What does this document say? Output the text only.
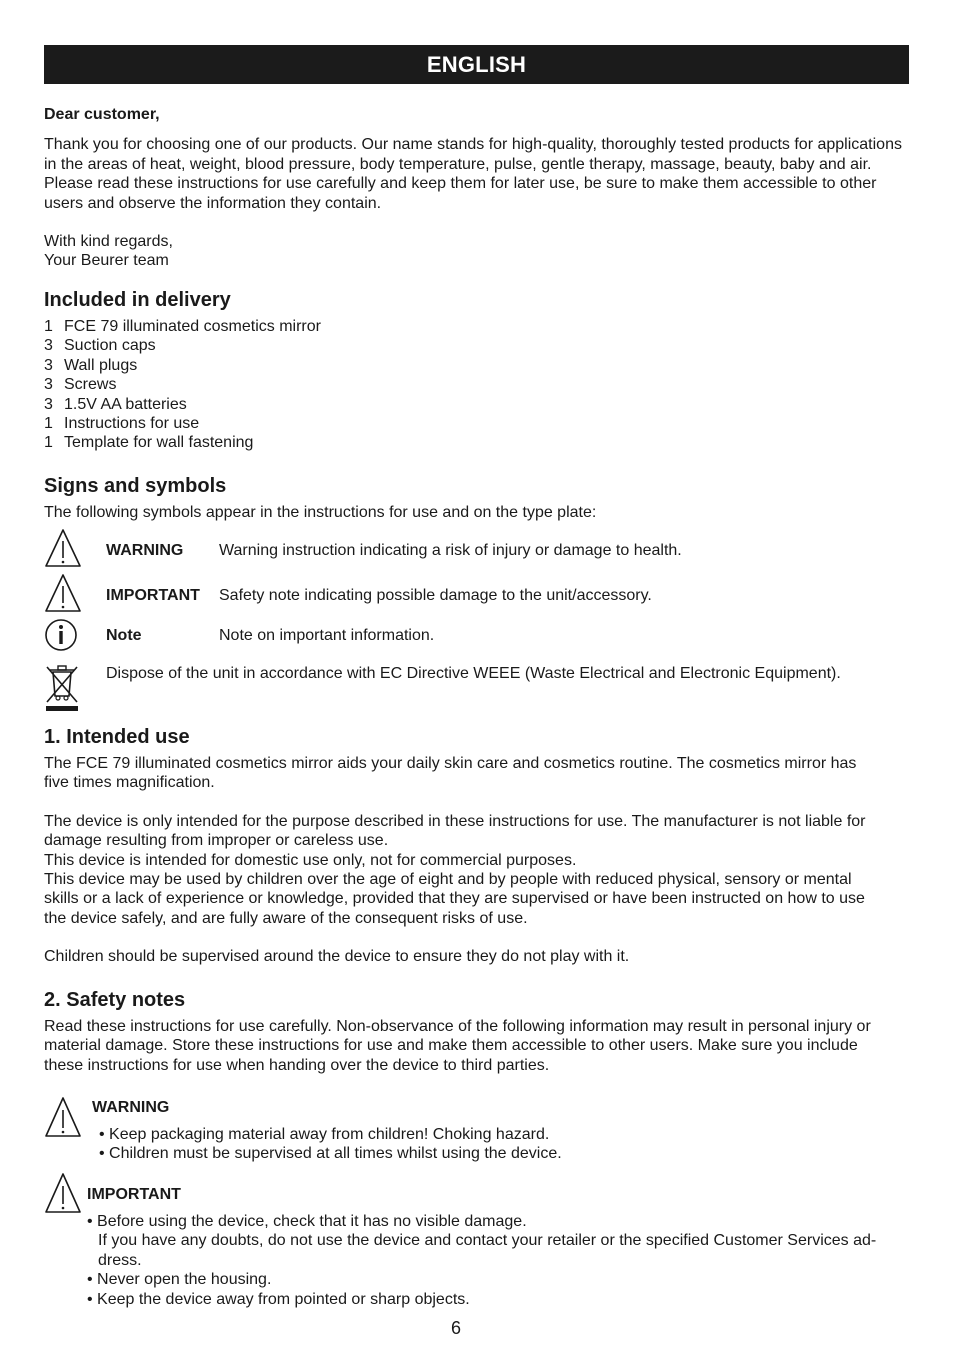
ENGLISH

Dear customer,

Thank you for choosing one of our products. Our name stands for high-quality, thoroughly tested products for applications

in the areas of heat, weight, blood pressure, body temperature, pulse, gentle therapy, massage, beauty, baby and air.

Please read these instructions for use carefully and keep them for later use, be sure to make them accessible to other

users and observe the information they contain.

With kind regards,

Your Beurer team

Included in delivery
1 FCE 79 illuminated cosmetics mirror
3 Suction caps
3 Wall plugs
3 Screws
3 1.5V AA batteries
1 Instructions for use
1 Template for wall fastening
Signs and symbols
The following symbols appear in the instructions for use and on the type plate:
WARNING Warning instruction indicating a risk of injury or damage to health.
IMPORTANT Safety note indicating possible damage to the unit/accessory.
Note	Note on important information.
Dispose of the unit in accordance with EC Directive WEEE (Waste Electrical and Electronic Equipment).
1. Intended use

The FCE 79 illuminated cosmetics mirror aids your daily skin care and cosmetics routine. The cosmetics mirror has

five times magnification.

The device is only intended for the purpose described in these instructions for use. The manufacturer is not liable for

damage resulting from improper or careless use.

This device is intended for domestic use only, not for commercial purposes.

This device may be used by children over the age of eight and by people with reduced physical, sensory or mental

skills or a lack of experience or knowledge, provided that they are supervised or have been instructed on how to use

the device safely, and are fully aware of the consequent risks of use.

Children should be supervised around the device to ensure they do not play with it.

2. Safety notes

Read these instructions for use carefully. Non-observance of the following information may result in personal injury or

material damage. Store these instructions for use and make them accessible to other users. Make sure you include

these instructions for use when handing over the device to third parties.

WARNING
• Keep packaging material away from children! Choking hazard.
• Children must be supervised at all times whilst using the device.
IMPORTANT
• Before using the device, check that it has no visible damage.
If you have any doubts, do not use the device and contact your retailer or the specified Customer Services ad-
dress.
• Never open the housing.
• Keep the device away from pointed or sharp objects.
6
